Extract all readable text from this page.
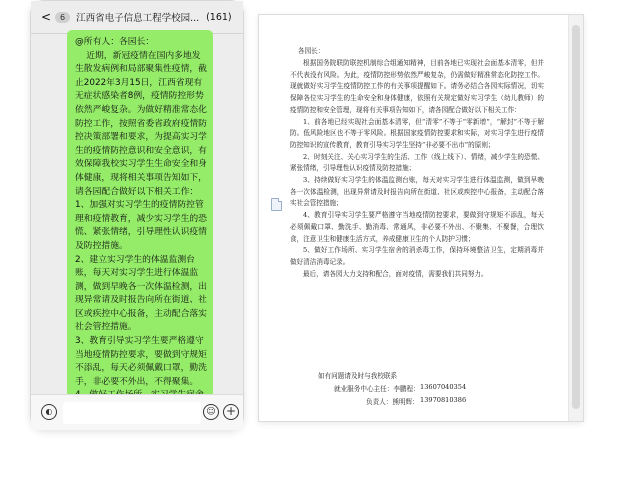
<	6	江西省电子信息工程学校园... (161)
@所有人：各园长：
近期，新冠疫情在国内多地发生散发病例和局部聚集性疫情，截止2022年3月15日，江西省现有无症状感染者8例，疫情防控形势依然严峻复杂。为做好精准常态化防控工作，按照省委省政府疫情防控决策部署和要求，为提高实习学生的疫情防控意识和安全意识，有效保障我校实习学生生命安全和身体健康，现将相关事项告知如下，请各园配合做好以下相关工作：
1、加强对实习学生的疫情防控管理和疫情教育，减少实习学生的恐慌、紧张情绪，引导理性认识疫情及防控措施。
2、建立实习学生的体温监测台账，每天对实习学生进行体温监测，做到早晚各一次体温检测，出现异常请及时报告向所在街道、社区或疾控中心报备，主动配合落实社会管控措施。
3、教育引导实习学生要严格遵守当地疫情防控要求，要做到守规矩不添乱，每天必须佩戴口罩，勤洗手，非必要不外出，不得聚集。

◐	☺ +
各园长：

根据国务院联防联控机制综合组通知精神，目前各地已实现社会面基本清零，但并不代表没有风险。为此，疫情防控形势依然严峻复杂，仍需做好精准常态化防控工作。现就做好实习学生疫情防控工作的有关事项提醒如下。请务必结合各园实际情况，切实保障各位实习学生的生命安全和身体健康，依照有关规定做好实习学生（幼儿教师）的疫情防控和安全管理，现将有关事项告知如下，请各园配合做好以下相关工作：

1、前各地已经实现社会面基本清零，但“清零”不等于“零新增”，“解封”不等于解防。低风险地区也不等于零风险。根据国家疫情防控要求和实际，对实习学生进行疫情防控知识的宣传教育，教育引导实习学生坚持“非必要不出市”的原则；

2、时刻关注、关心实习学生的生活、工作（线上线下）、情绪，减少学生的恐慌、紧张情绪，引导理性认识疫情及防控措施；

3、持续做好实习学生的体温监测台账，每天对实习学生进行体温监测，做到早晚各一次体温检测，出现异常请及时报告向所在街道、社区或疾控中心报备，主动配合落实社会管控措施；

4、教育引导实习学生要严格遵守当地疫情防控要求，要做到守规矩不添乱，每天必须佩戴口罩、勤洗手、勤消毒、常通风，非必要不外出、不聚集、不聚餐，合理饮食，注意卫生和健康生活方式，养成健康卫生的个人防护习惯；

5、做好工作场所、实习学生宿舍的消杀毒工作，保持环境整洁卫生，定期消毒并做好清洁消毒记录。

最后，请各园大力支持和配合，面对疫情，需要我们共同努力。

如有问题请及时与我校联系
就业服务中心主任：李鹏程： 13607040354
负责人：熊明辉： 13970810386
